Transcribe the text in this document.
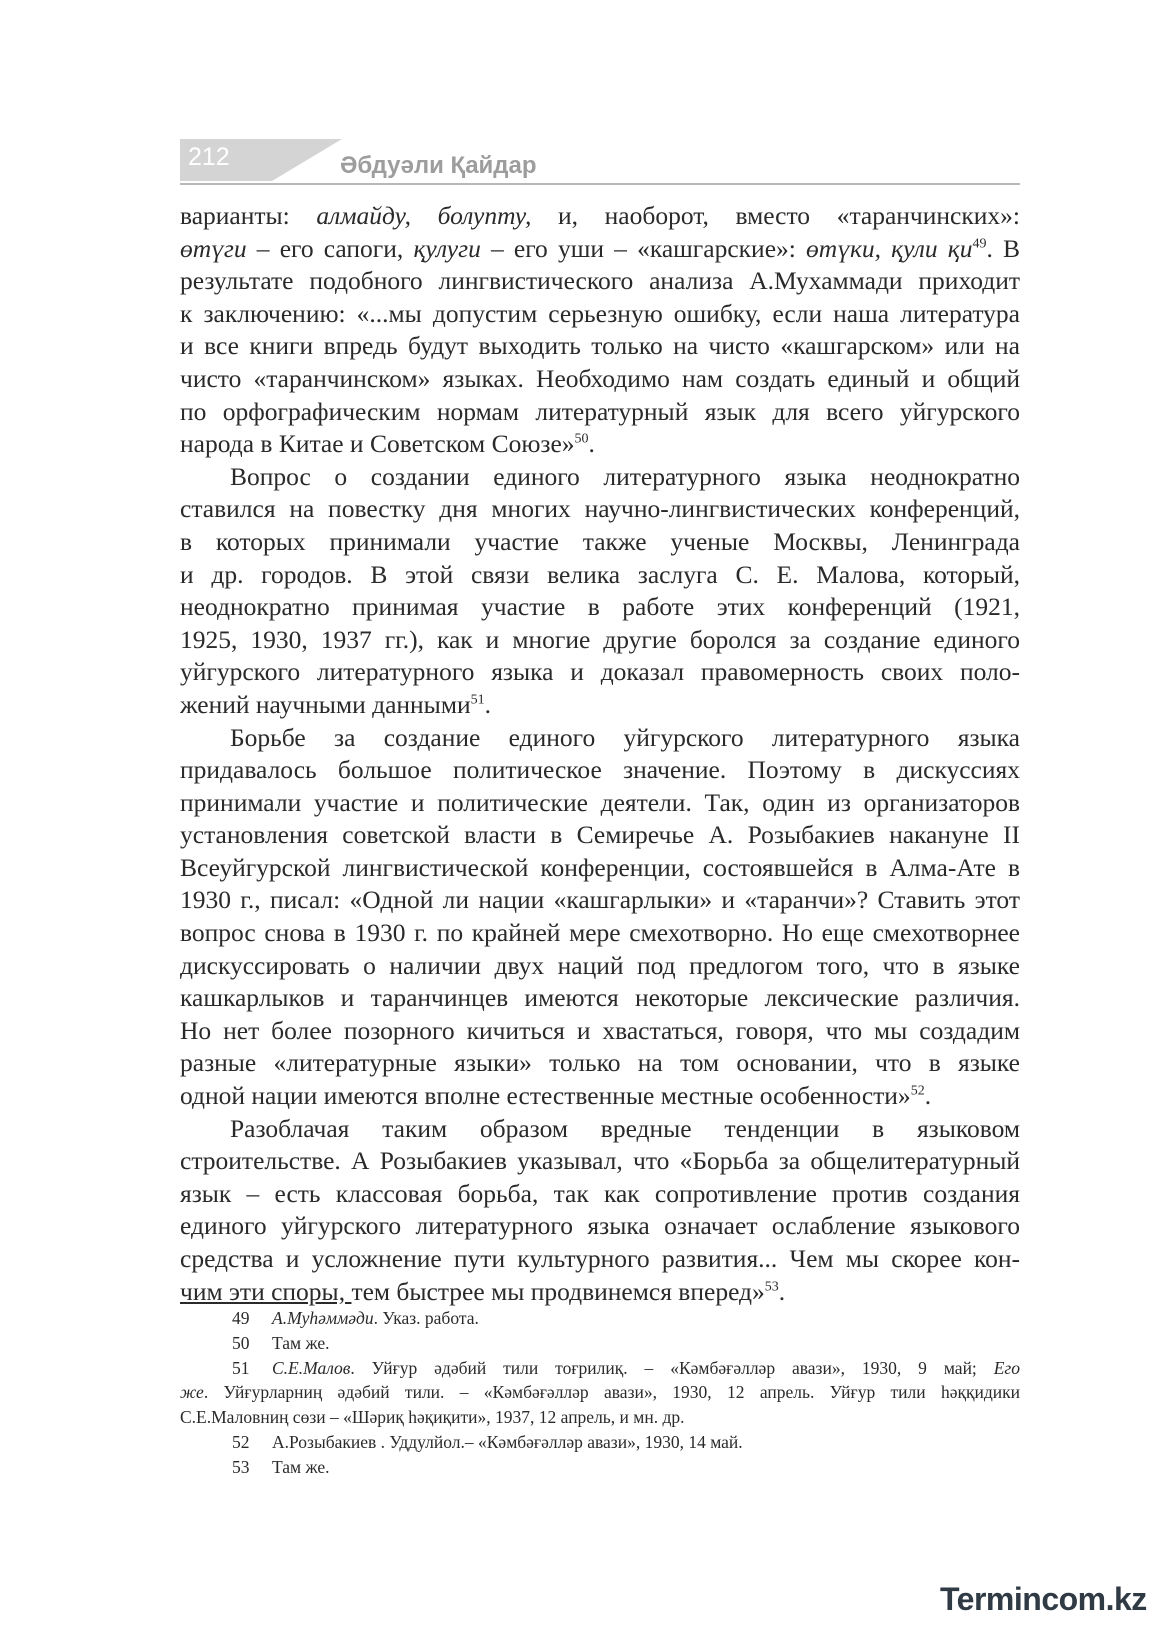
212	Әбдуәли Қайдар
варианты: алмайду, болупту, и, наоборот, вместо «таранчинских»:
өтүги – его сапоги, қулуги – его уши – «кашгарские»: өтүки, қули $қи^{49}$. В
результате подобного лингвистического анализа А.Мухаммади приходит
к заключению: «...мы допустим серьезную ошибку, если наша литература
и все книги впредь будут выходить только на чисто «кашгарском» или на
чисто «таранчинском» языках. Необходимо нам создать единый и общий
по орфографическим нормам литературный язык для всего уйгурского
народа в Китае и Советском Союзе»$^{50}$.
Вопрос о создании единого литературного языка неоднократно
ставился на повестку дня многих научно-лингвистических конференций,
в которых принимали участие также ученые Москвы, Ленинграда
и др. городов. В этой связи велика заслуга С. Е. Малова, который,
неоднократно принимая участие в работе этих конференций (1921,
1925, 1930, 1937 гг.), как и многие другие боролся за создание единого
уйгурского литературного языка и доказал правомерность своих поло-
жений научными данными$^{51}$.
Борьбе за создание единого уйгурского литературного языка
придавалось большое политическое значение. Поэтому в дискуссиях
принимали участие и политические деятели. Так, один из организаторов
установления советской власти в Семиречье А. Розыбакиев накануне II
Всеуйгурской лингвистической конференции, состоявшейся в Алма-Ате в
1930 г., писал: «Одной ли нации «кашгарлыки» и «таранчи»? Ставить этот
вопрос снова в 1930 г. по крайней мере смехотворно. Но еще смехотворнее
дискуссировать о наличии двух наций под предлогом того, что в языке
кашкарлыков и таранчинцев имеются некоторые лексические различия.
Но нет более позорного кичиться и хвастаться, говоря, что мы создадим
разные «литературные языки» только на том основании, что в языке
одной нации имеются вполне естественные местные особенности»$^{52}$.
Разоблачая таким образом вредные тенденции в языковом
строительстве. А Розыбакиев указывал, что «Борьба за общелитературный
язык – есть классовая борьба, так как сопротивление против создания
единого уйгурского литературного языка означает ослабление языкового
средства и усложнение пути культурного развития... Чем мы скорее кон-
чим эти споры, тем быстрее мы продвинемся вперед»$^{53}$.
49 А.Муһәммәди. Указ. работа.
50 Там же.
51 С.Е.Малов. Уйғур әдәбий тили тоғрилиқ. – «Кәмбәғәлләр авази», 1930, 9 май; Его
же. Уйғурларниң әдәбий тили. – «Кәмбәғәлләр авази», 1930, 12 апрель. Уйғур тили һәққидики
С.Е.Маловниң сөзи – «Шәриқ һәқиқити», 1937, 12 апрель, и мн. др.
52 А.Розыбакиев . Уддулйол.– «Кәмбәғәлләр авази», 1930, 14 май.
53 Там же.
Termincom.kz
